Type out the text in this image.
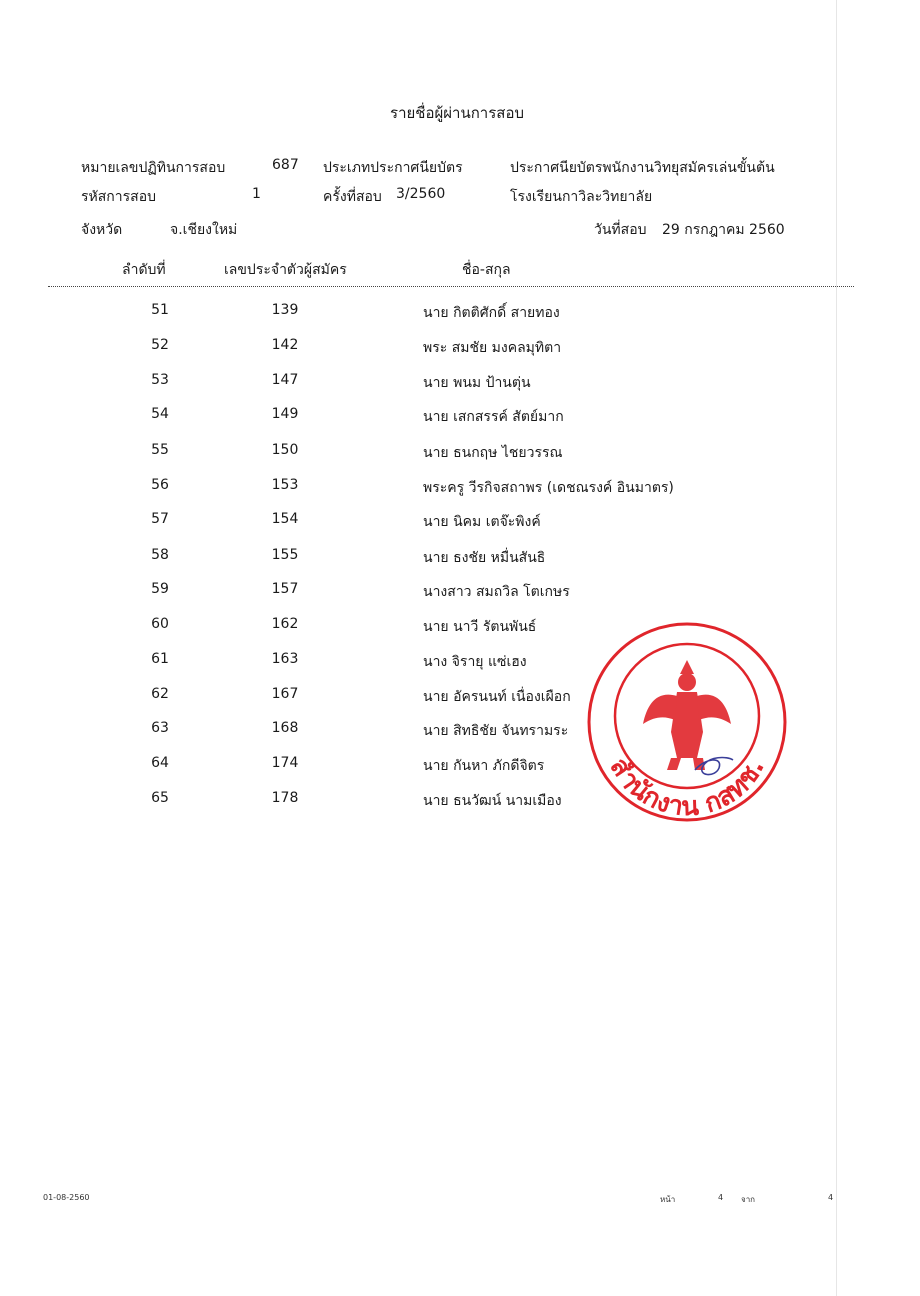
รายชื่อผู้ผ่านการสอบ
หมายเลขปฏิทินการสอบ	687 ประเภทประกาศนียบัตร	ประกาศนียบัตรพนักงานวิทยุสมัครเล่นขั้นต้น
รหัสการสอบ	1	ครั้งที่สอบ 3/2560	โรงเรียนกาวิละวิทยาลัย
จังหวัด	จ.เชียงใหม่	วันที่สอบ 29 กรกฎาคม 2560
ลำดับที่	เลขประจำตัวผู้สมัคร	ชื่อ-สกุล
51	139	นาย กิตติศักดิ์ สายทอง
52	142	พระ สมชัย มงคลมุทิตา
53	147	นาย พนม ป้านตุ่น
54	149	นาย เสกสรรค์ สัตย์มาก
55	150	นาย ธนกฤษ ไชยวรรณ
56	153	พระครู วีรกิจสถาพร (เดชณรงค์ อินมาตร)
57	154	นาย นิคม เตจ๊ะพิงค์
58	155	นาย ธงชัย หมื่นสันธิ
59	157	นางสาว สมถวิล โตเกษร
60	162	นาย นาวี รัตนพันธ์
61	163	นาง จิรายุ แซ่เฮง
62	167	นาย อัครนนท์ เนื่องเผือก
63	168	นาย สิทธิชัย จันทรามระ
64	174	นาย กันหา ภักดีจิตร
65	178	นาย ธนวัฒน์ นามเมือง
สำนักงาน กสทช.
01-08-2560	หน้า	4 จาก	4
